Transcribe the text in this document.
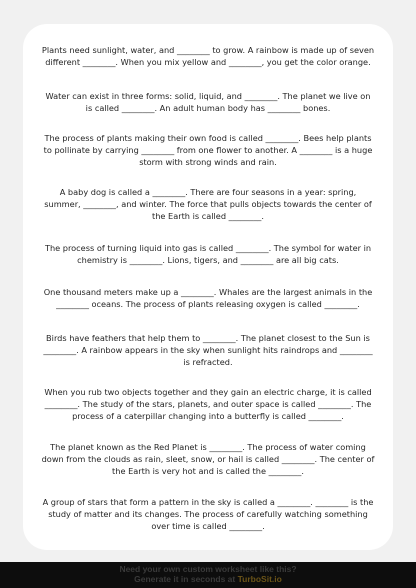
Plants need sunlight, water, and ________ to grow. A rainbow is made up of seven different ________. When you mix yellow and ________, you get the color orange.

Water can exist in three forms: solid, liquid, and ________. The planet we live on is called ________. An adult human body has ________ bones.

The process of plants making their own food is called ________. Bees help plants to pollinate by carrying ________ from one flower to another. A ________ is a huge storm with strong winds and rain.

A baby dog is called a ________. There are four seasons in a year: spring, summer, ________, and winter. The force that pulls objects towards the center of the Earth is called ________.

The process of turning liquid into gas is called ________. The symbol for water in chemistry is ________. Lions, tigers, and ________ are all big cats.

One thousand meters make up a ________. Whales are the largest animals in the ________ oceans. The process of plants releasing oxygen is called ________.

Birds have feathers that help them to ________. The planet closest to the Sun is ________. A rainbow appears in the sky when sunlight hits raindrops and ________ is refracted.

When you rub two objects together and they gain an electric charge, it is called ________. The study of the stars, planets, and outer space is called ________. The process of a caterpillar changing into a butterfly is called ________.

The planet known as the Red Planet is ________. The process of water coming down from the clouds as rain, sleet, snow, or hail is called ________. The center of the Earth is very hot and is called the ________.

A group of stars that form a pattern in the sky is called a ________. ________ is the study of matter and its changes. The process of carefully watching something over time is called ________.

Need your own custom worksheet like this?
Generate it in seconds at TurboSit.io
